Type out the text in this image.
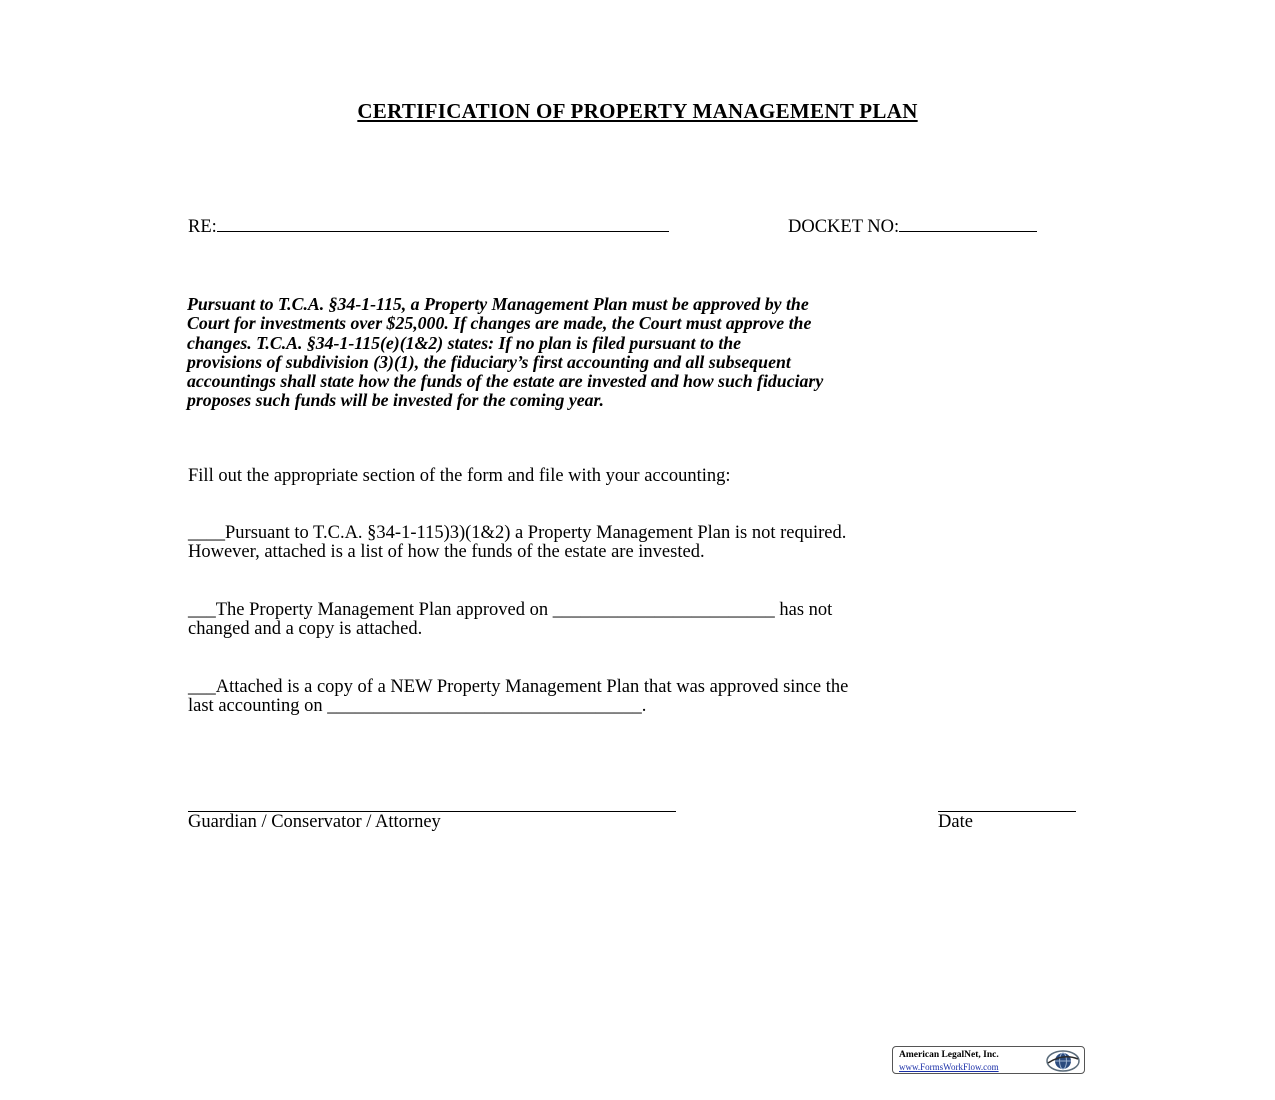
CERTIFICATION OF PROPERTY MANAGEMENT PLAN
RE:	DOCKET NO:
Pursuant to T.C.A. §34-1-115, a Property Management Plan must be approved by the
Court for investments over $25,000. If changes are made, the Court must approve the
changes. T.C.A. §34-1-115(e)(1&2) states: If no plan is filed pursuant to the
provisions of subdivision (3)(1), the fiduciary’s first accounting and all subsequent
accountings shall state how the funds of the estate are invested and how such fiduciary
proposes such funds will be invested for the coming year.
Fill out the appropriate section of the form and file with your accounting:
____Pursuant to T.C.A. §34-1-115)3)(1&2) a Property Management Plan is not required.
However, attached is a list of how the funds of the estate are invested.
___The Property Management Plan approved on ________________________ has not
changed and a copy is attached.
___Attached is a copy of a NEW Property Management Plan that was approved since the
last accounting on __________________________________.
Guardian / Conservator / Attorney	Date
American LegalNet, Inc.
www.FormsWorkFlow.com
